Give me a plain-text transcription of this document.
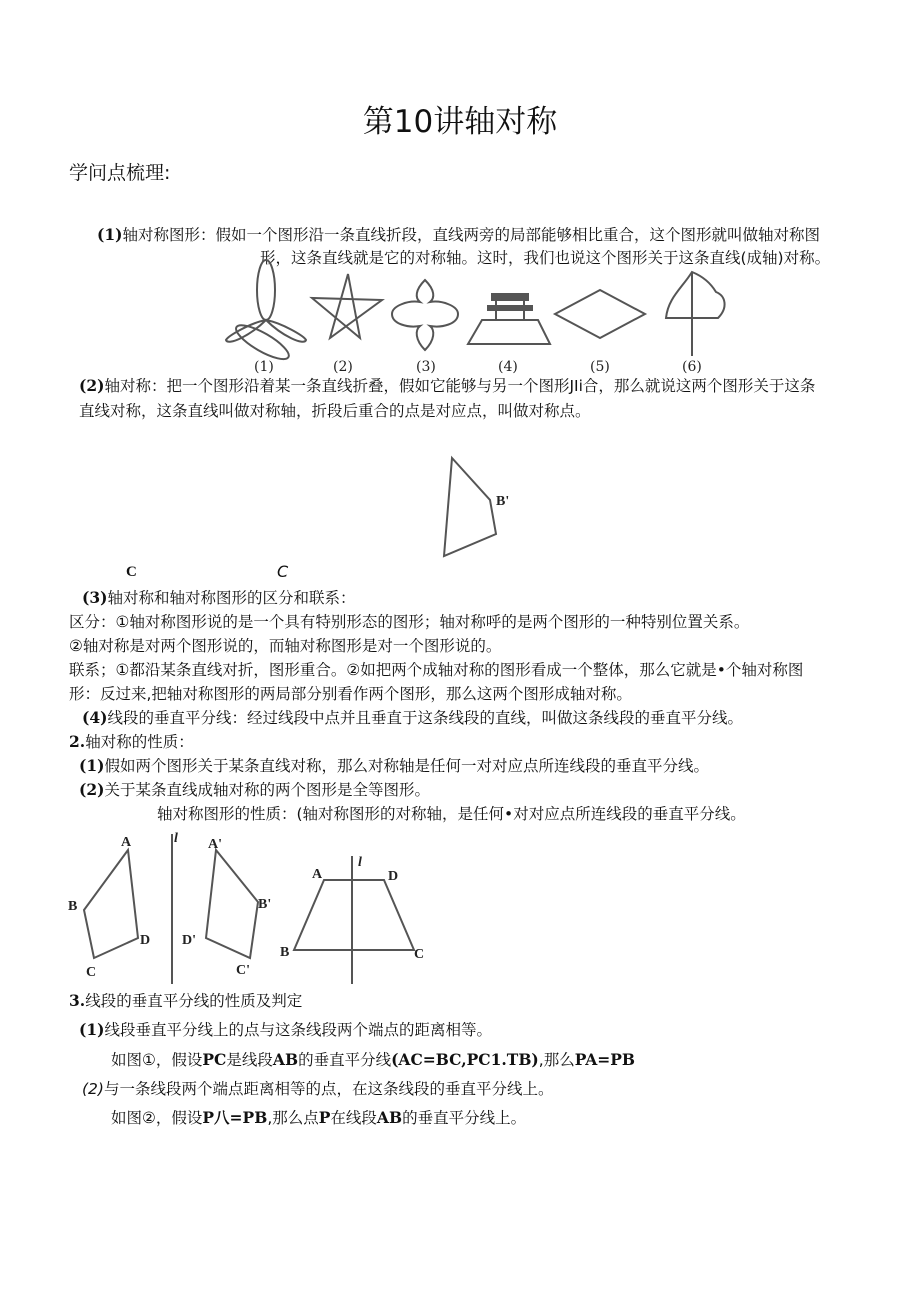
第10讲轴对称
学问点梳理:
(1)轴对称图形：假如一个图形沿一条直线折段，直线两旁的局部能够相比重合，这个图形就叫做轴对称图
形，这条直线就是它的对称轴。这时，我们也说这个图形关于这条直线(成轴)对称。
(1)	(2)	(3)	(4)	(5)	(6)
(2)轴对称：把一个图形沿着某一条直线折叠，假如它能够与另一个图形JIi合，那么就说这两个图形关于这条
直线对称，这条直线叫做对称轴，折段后重合的点是对应点，叫做对称点。
B'
C	C
(3)轴对称和轴对称图形的区分和联系：
区分：①轴对称图形说的是一个具有特别形态的图形；轴对称呼的是两个图形的一种特别位置关系。
②轴对称是对两个图形说的，而轴对称图形是对一个图形说的。
联系；①都沿某条直线对折，图形重合。②如把两个成轴对称的图形看成一个整体，那么它就是•个轴对称图
形：反过来,把轴对称图形的两局部分别看作两个图形，那么这两个图形成轴对称。
(4)线段的垂直平分线：经过线段中点并且垂直于这条线段的直线，叫做这条线段的垂直平分线。
2.轴对称的性质：
(1)假如两个图形关于某条直线对称，那么对称轴是任何一对对应点所连线段的垂直平分线。
(2)关于某条直线成轴对称的两个图形是全等图形。
轴对称图形的性质：(轴对称图形的对称轴，是任何•对对应点所连线段的垂直平分线。
A
B
C
D
l A'
B'
C'
D'
A
B	C
D
l
3.线段的垂直平分线的性质及判定
(1)线段垂直平分线上的点与这条线段两个端点的距离相等。
如图①，假设PC是线段AB的垂直平分线(AC=BC,PC1.TB),那么PA=PB
(2)与一条线段两个端点距离相等的点，在这条线段的垂直平分线上。
如图②，假设P八=PB,那么点P在线段AB的垂直平分线上。
